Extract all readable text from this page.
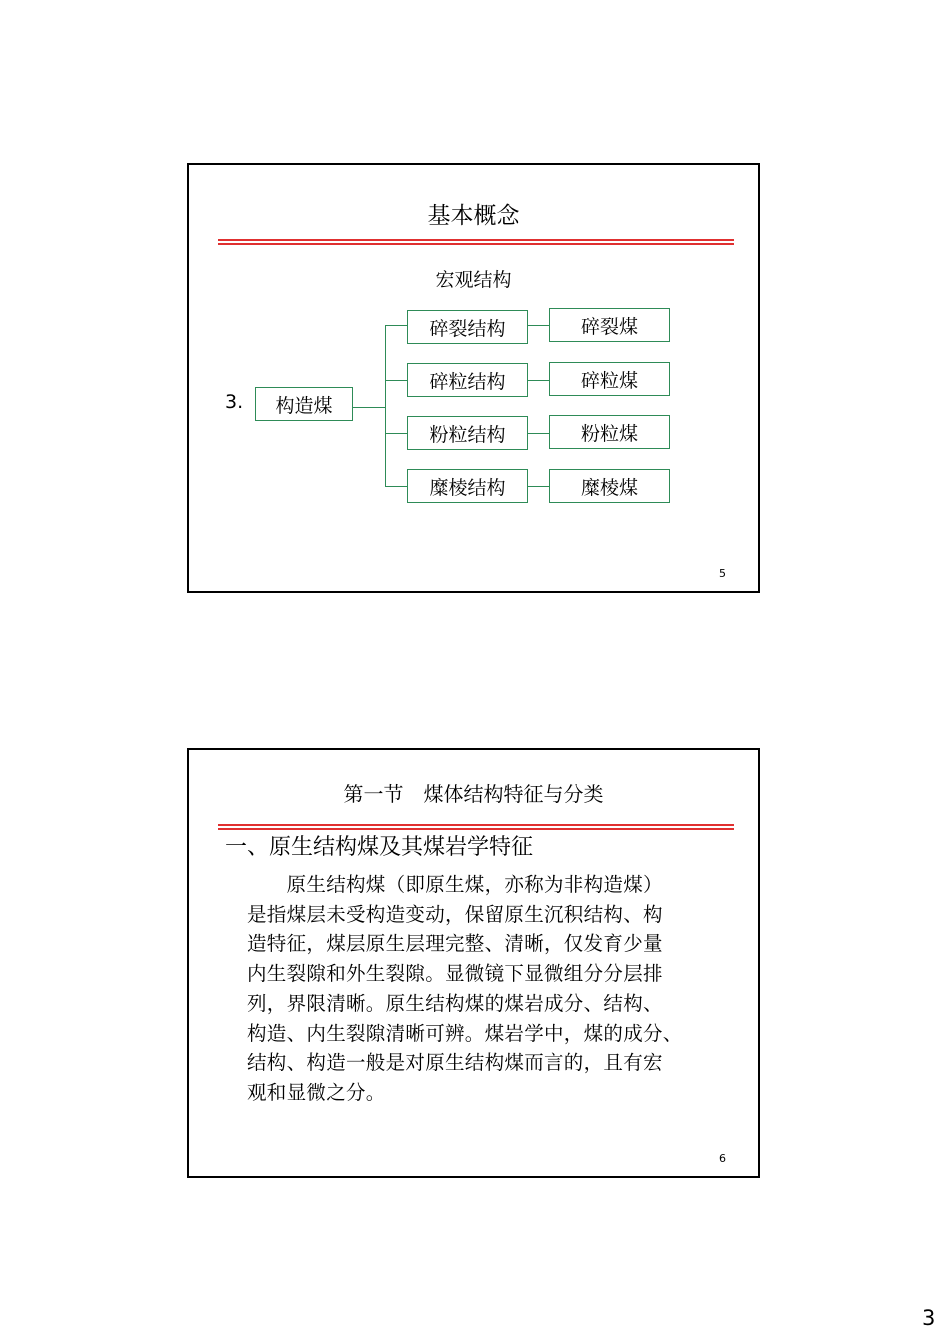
基本概念
宏观结构
3.	构造煤
碎裂结构
碎粒结构
粉粒结构
糜棱结构
碎裂煤
碎粒煤
粉粒煤
糜棱煤
5
第一节　煤体结构特征与分类
一、原生结构煤及其煤岩学特征
　　原生结构煤（即原生煤，亦称为非构造煤）
是指煤层未受构造变动，保留原生沉积结构、构
造特征，煤层原生层理完整、清晰，仅发育少量
内生裂隙和外生裂隙。显微镜下显微组分分层排
列，界限清晰。原生结构煤的煤岩成分、结构、
构造、内生裂隙清晰可辨。煤岩学中，煤的成分、
结构、构造一般是对原生结构煤而言的，且有宏
观和显微之分。
6
3
